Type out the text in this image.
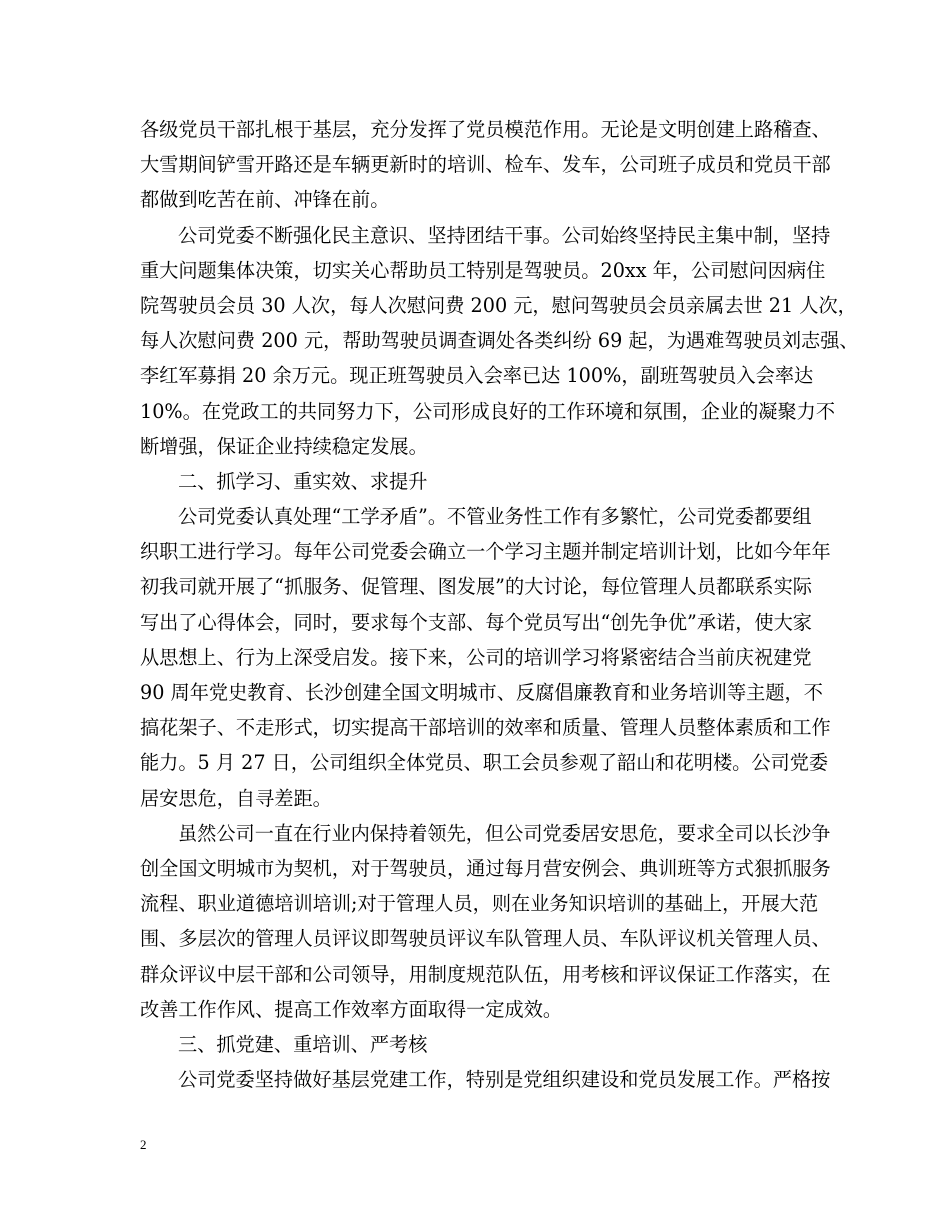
各级党员干部扎根于基层，充分发挥了党员模范作用。无论是文明创建上路稽查、
大雪期间铲雪开路还是车辆更新时的培训、检车、发车，公司班子成员和党员干部
都做到吃苦在前、冲锋在前。
公司党委不断强化民主意识、坚持团结干事。公司始终坚持民主集中制，坚持
重大问题集体决策，切实关心帮助员工特别是驾驶员。20xx 年，公司慰问因病住
院驾驶员会员 30 人次，每人次慰问费 200 元，慰问驾驶员会员亲属去世 21 人次，
每人次慰问费 200 元，帮助驾驶员调查调处各类纠纷 69 起，为遇难驾驶员刘志强、
李红军募捐 20 余万元。现正班驾驶员入会率已达 100%，副班驾驶员入会率达
10%。在党政工的共同努力下，公司形成良好的工作环境和氛围，企业的凝聚力不
断增强，保证企业持续稳定发展。
二、抓学习、重实效、求提升
公司党委认真处理“工学矛盾”。不管业务性工作有多繁忙，公司党委都要组
织职工进行学习。每年公司党委会确立一个学习主题并制定培训计划，比如今年年
初我司就开展了“抓服务、促管理、图发展”的大讨论，每位管理人员都联系实际
写出了心得体会，同时，要求每个支部、每个党员写出“创先争优”承诺，使大家
从思想上、行为上深受启发。接下来，公司的培训学习将紧密结合当前庆祝建党
90 周年党史教育、长沙创建全国文明城市、反腐倡廉教育和业务培训等主题，不
搞花架子、不走形式，切实提高干部培训的效率和质量、管理人员整体素质和工作
能力。5 月 27 日，公司组织全体党员、职工会员参观了韶山和花明楼。公司党委
居安思危，自寻差距。
虽然公司一直在行业内保持着领先，但公司党委居安思危，要求全司以长沙争
创全国文明城市为契机，对于驾驶员，通过每月营安例会、典训班等方式狠抓服务
流程、职业道德培训培训;对于管理人员，则在业务知识培训的基础上，开展大范
围、多层次的管理人员评议即驾驶员评议车队管理人员、车队评议机关管理人员、
群众评议中层干部和公司领导，用制度规范队伍，用考核和评议保证工作落实，在
改善工作作风、提高工作效率方面取得一定成效。
三、抓党建、重培训、严考核
公司党委坚持做好基层党建工作，特别是党组织建设和党员发展工作。严格按
2
